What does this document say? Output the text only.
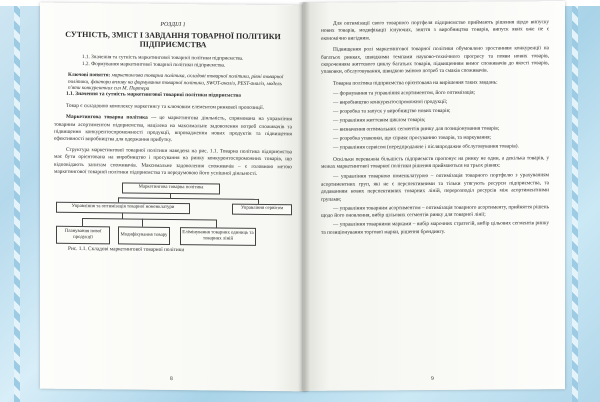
РОЗДІЛ 1
СУТНІСТЬ, ЗМІСТ І ЗАВДАННЯ ТОВАРНОЇ ПОЛІТИКИ ПІДПРИЄМСТВА
1.1. Значення та сутність маркетингової товарної політики підприємства.
1.2. Формування маркетингової товарної політики підприємства.
Ключові поняття: маркетингова товарна політика, складові товарної політики, рівні товарної політики, фактори впливу на формування товарної політики, SWOT-аналіз, PEST-аналіз, модель п'яти конкурентних сил М. Портера

1.1. Значення та сутність маркетингової товарної політики підприємства

Товар є складовою комплексу маркетингу та ключовим елементом ринкової пропозиції.

Маркетингова товарна політика — це маркетингова діяльність, спрямована на управління товарним асортиментом підприємства, націлена на максимальне задоволення потреб споживачів та підвищення конкурентоспроможності продукції, впровадження нових продуктів та підвищення ефективності виробництва для одержання прибутку.

Структура маркетингової товарної політики наведена на рис. 1.1. Товарна політика підприємства має бути орієнтована на виробництво і просування на ринку конкурентоспроможних товарів, що відповідають запитам споживачів. Максимальне задоволення споживачів – є головною метою маркетингової товарної політики підприємства та передумовою його успішної діяльності.

Маркетингова товарна політика
Управління та оптимізація товарної номенклатури	Управління сервісом
Планування нової продукції	Модифікування товару	Елімінування товарних одиниць та товарних ліній
Рис. 1.1. Складові маркетингової товарної політики
8

Для оптимізації свого товарного портфеля підприємство приймають рішення щодо випуску нових товарів, модифікації існуючих, зняття з виробництва товарів, випуск яких вже не є економічно вигідним.

Підвищення ролі маркетингової товарної політики обумовлено зростанням конкуренції на багатьох ринках, швидкими темпами науково-технічного прогресу та появи нових товарів, скороченням життєвого циклу багатьох товарів, підвищенням вимог споживачів до якості товарів, упаковки, обслуговування, швидкою зміною потреб та смаків споживачів.

Товарна політика підприємства орієнтована на вирішення таких завдань:

— формування та управління асортиментом, його оптимізація;

— виробництво конкурентоспроможної продукції;

— розробка та запуск у виробництво нових товарів;

— управління життєвим циклом товарів;

— визначення оптимальних сегментів ринку для позиціонування товарів;

— розробка упаковки, що сприяє просуванню товарів, та маркування;

— управління сервісом (передпродажне і післяпродажне обслуговування товарів).

Оскільки переважна більшість підприємств пропонує на ринку не один, а декілька товарів, у межах маркетингової товарної політики рішення приймаються на трьох рівнях:

— управління товарною номенклатурою – оптимізація товарного портфелю з урахуванням асортиментних груп, які не є перспективними та тільки утягують ресурси підприємства, та додаванням нових перспективних товарних ліній, перерозподіл ресурсів між асортиментними групами;

— управління товарним асортиментом – оптимізація товарного асортименту, прийняття рішень щодо його оновлення, вибір цільових сегментів ринку для товарної лінії;

— управління товарними марками – вибір марочних стратегій, вибір цільових сегментів ринку та позиціонування торгової марки, рішення брендингу.

9
